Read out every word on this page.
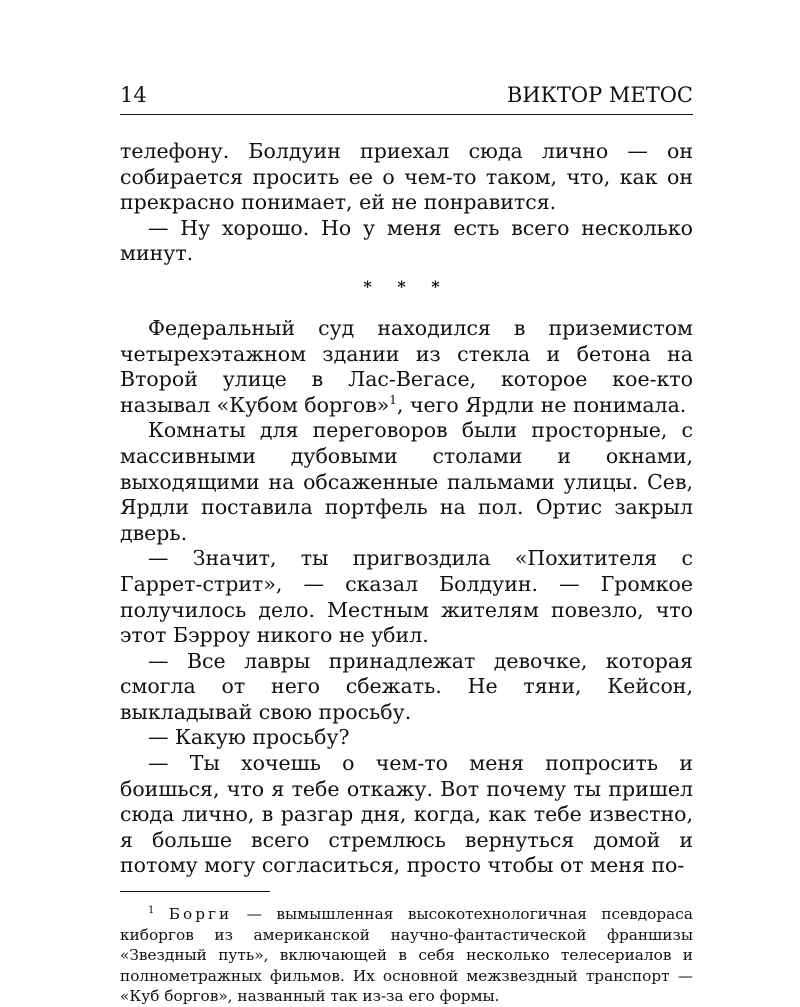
14	ВИКТОР МЕТОС

телефону. Болдуин приехал сюда лично — он собирается просить ее о чем-то таком, что, как он прекрасно понимает, ей не понравится.

— Ну хорошо. Но у меня есть всего несколько минут.

* * *

Федеральный суд находился в приземистом четырехэтажном здании из стекла и бетона на Второй улице в Лас-Вегасе, которое кое-кто называл «Кубом боргов»$^1$, чего Ярдли не понимала.

Комнаты для переговоров были просторные, с массивными дубовыми столами и окнами, выходящими на обсаженные пальмами улицы. Сев, Ярдли поставила портфель на пол. Ортис закрыл дверь.

— Значит, ты пригвоздила «Похитителя с Гаррет-стрит», — сказал Болдуин. — Громкое получилось дело. Местным жителям повезло, что этот Бэрроу никого не убил.

— Все лавры принадлежат девочке, которая смогла от него сбежать. Не тяни, Кейсон, выкладывай свою просьбу.

— Какую просьбу?

— Ты хочешь о чем-то меня попросить и боишься, что я тебе откажу. Вот почему ты пришел сюда лично, в разгар дня, когда, как тебе известно, я больше всего стремлюсь вернуться домой и потому могу согласиться, просто чтобы от меня по-

$^1$ Борги — вымышленная высокотехнологичная псевдораса киборгов из американской научно-фантастической франшизы «Звездный путь», включающей в себя несколько телесериалов и полнометражных фильмов. Их основной межзвездный транспорт — «Куб боргов», названный так из-за его формы.
